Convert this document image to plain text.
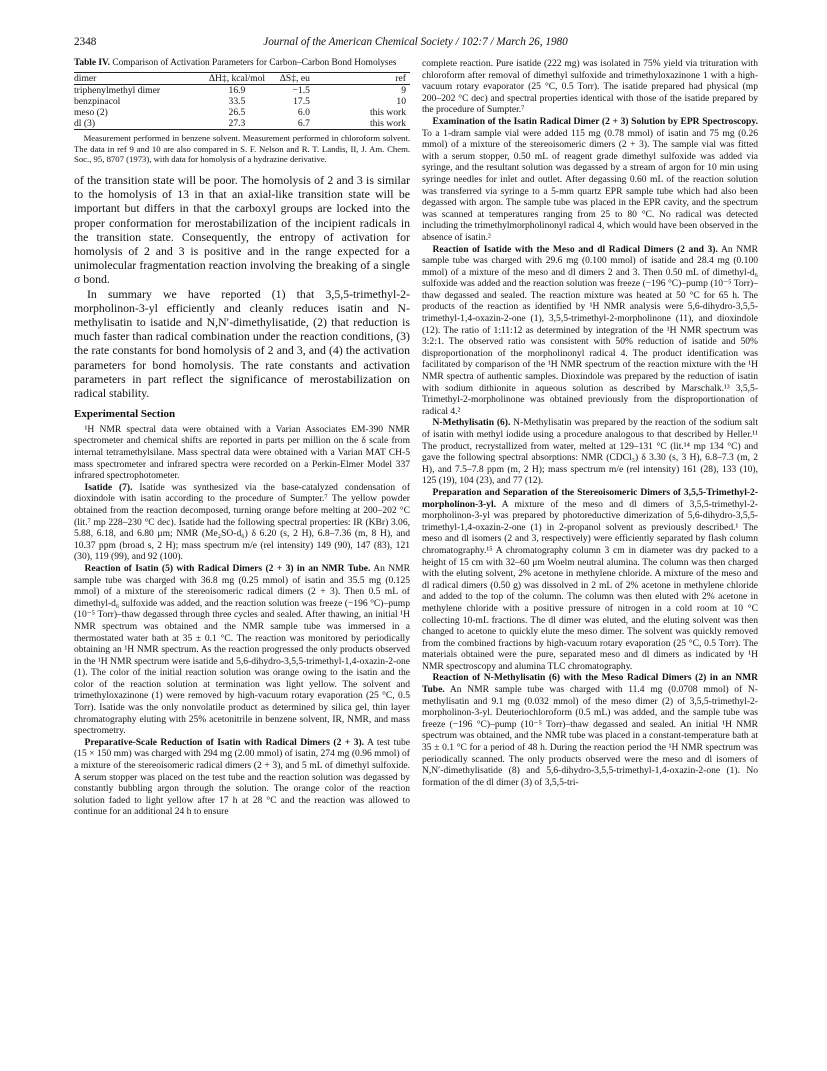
2348	Journal of the American Chemical Society / 102:7 / March 26, 1980
Table IV. Comparison of Activation Parameters for Carbon–Carbon Bond Homolyses
dimer	ΔH‡, kcal/mol	ΔS‡, eu	ref
triphenylmethyl dimer	16.9	−1.5	9
benzpinacol	33.5	17.5	10
meso (2)	26.5	6.0	this work
dl (3)	27.3	6.7	this work
Measurement performed in benzene solvent. Measurement performed in chloroform solvent. The data in ref 9 and 10 are also compared in S. F. Nelson and R. T. Landis, II, J. Am. Chem. Soc., 95, 8707 (1973), with data for homolysis of a hydrazine derivative.

of the transition state will be poor. The homolysis of 2 and 3 is similar to the homolysis of 13 in that an axial-like transition state will be important but differs in that the carboxyl groups are locked into the proper conformation for merostabilization of the incipient radicals in the transition state. Consequently, the entropy of activation for homolysis of 2 and 3 is positive and in the range expected for a unimolecular fragmentation reaction involving the breaking of a single σ bond.

In summary we have reported (1) that 3,5,5-trimethyl-2-morpholinon-3-yl efficiently and cleanly reduces isatin and N-methylisatin to isatide and N,N′-dimethylisatide, (2) that reduction is much faster than radical combination under the reaction conditions, (3) the rate constants for bond homolysis of 2 and 3, and (4) the activation parameters for bond homolysis. The rate constants and activation parameters in part reflect the significance of merostabilization on radical stability.

Experimental Section

¹H NMR spectral data were obtained with a Varian Associates EM-390 NMR spectrometer and chemical shifts are reported in parts per million on the δ scale from internal tetramethylsilane. Mass spectral data were obtained with a Varian MAT CH-5 mass spectrometer and infrared spectra were recorded on a Perkin-Elmer Model 337 infrared spectrophotometer.

Isatide (7). Isatide was synthesized via the base-catalyzed condensation of dioxindole with isatin according to the procedure of Sumpter.⁷ The yellow powder obtained from the reaction decomposed, turning orange before melting at 200–202 °C (lit.⁷ mp 228–230 °C dec). Isatide had the following spectral properties: IR (KBr) 3.06, 5.88, 6.18, and 6.80 μm; NMR (Me₂SO-d₆) δ 6.20 (s, 2 H), 6.8–7.36 (m, 8 H), and 10.37 ppm (broad s, 2 H); mass spectrum m/e (rel intensity) 149 (90), 147 (83), 121 (30), 119 (99), and 92 (100).

Reaction of Isatin (5) with Radical Dimers (2 + 3) in an NMR Tube. An NMR sample tube was charged with 36.8 mg (0.25 mmol) of isatin and 35.5 mg (0.125 mmol) of a mixture of the stereoisomeric radical dimers (2 + 3). Then 0.5 mL of dimethyl-d₆ sulfoxide was added, and the reaction solution was freeze (−196 °C)–pump (10⁻⁵ Torr)–thaw degassed through three cycles and sealed. After thawing, an initial ¹H NMR spectrum was obtained and the NMR sample tube was immersed in a thermostated water bath at 35 ± 0.1 °C. The reaction was monitored by periodically obtaining an ¹H NMR spectrum. As the reaction progressed the only products observed in the ¹H NMR spectrum were isatide and 5,6-dihydro-3,5,5-trimethyl-1,4-oxazin-2-one (1). The color of the initial reaction solution was orange owing to the isatin and the color of the reaction solution at termination was light yellow. The solvent and trimethyloxazinone (1) were removed by high-vacuum rotary evaporation (25 °C, 0.5 Torr). Isatide was the only nonvolatile product as determined by silica gel, thin layer chromatography eluting with 25% acetonitrile in benzene solvent, IR, NMR, and mass spectrometry.

Preparative-Scale Reduction of Isatin with Radical Dimers (2 + 3). A test tube (15 × 150 mm) was charged with 294 mg (2.00 mmol) of isatin, 274 mg (0.96 mmol) of a mixture of the stereoisomeric radical dimers (2 + 3), and 5 mL of dimethyl sulfoxide. A serum stopper was placed on the test tube and the reaction solution was degassed by constantly bubbling argon through the solution. The orange color of the reaction solution faded to light yellow after 17 h at 28 °C and the reaction was allowed to continue for an additional 24 h to ensure

complete reaction. Pure isatide (222 mg) was isolated in 75% yield via trituration with chloroform after removal of dimethyl sulfoxide and trimethyloxazinone 1 with a high-vacuum rotary evaporator (25 °C, 0.5 Torr). The isatide prepared had physical (mp 200–202 °C dec) and spectral properties identical with those of the isatide prepared by the procedure of Sumpter.⁷

Examination of the Isatin Radical Dimer (2 + 3) Solution by EPR Spectroscopy. To a 1-dram sample vial were added 115 mg (0.78 mmol) of isatin and 75 mg (0.26 mmol) of a mixture of the stereoisomeric dimers (2 + 3). The sample vial was fitted with a serum stopper, 0.50 mL of reagent grade dimethyl sulfoxide was added via syringe, and the resultant solution was degassed by a stream of argon for 10 min using syringe needles for inlet and outlet. After degassing 0.60 mL of the reaction solution was transferred via syringe to a 5-mm quartz EPR sample tube which had also been degassed with argon. The sample tube was placed in the EPR cavity, and the spectrum was scanned at temperatures ranging from 25 to 80 °C. No radical was detected including the trimethylmorpholinonyl radical 4, which would have been observed in the absence of isatin.²

Reaction of Isatide with the Meso and dl Radical Dimers (2 and 3). An NMR sample tube was charged with 29.6 mg (0.100 mmol) of isatide and 28.4 mg (0.100 mmol) of a mixture of the meso and dl dimers 2 and 3. Then 0.50 mL of dimethyl-d₆ sulfoxide was added and the reaction solution was freeze (−196 °C)–pump (10⁻⁵ Torr)–thaw degassed and sealed. The reaction mixture was heated at 50 °C for 65 h. The products of the reaction as identified by ¹H NMR analysis were 5,6-dihydro-3,5,5-trimethyl-1,4-oxazin-2-one (1), 3,5,5-trimethyl-2-morpholinone (11), and dioxindole (12). The ratio of 1:11:12 as determined by integration of the ¹H NMR spectrum was 3:2:1. The observed ratio was consistent with 50% reduction of isatide and 50% disproportionation of the morpholinonyl radical 4. The product identification was facilitated by comparison of the ¹H NMR spectrum of the reaction mixture with the ¹H NMR spectra of authentic samples. Dioxindole was prepared by the reduction of isatin with sodium dithionite in aqueous solution as described by Marschalk.¹³ 3,5,5-Trimethyl-2-morpholinone was obtained previously from the disproportionation of radical 4.²

N-Methylisatin (6). N-Methylisatin was prepared by the reaction of the sodium salt of isatin with methyl iodide using a procedure analogous to that described by Heller.¹¹ The product, recrystallized from water, melted at 129–131 °C (lit.¹⁴ mp 134 °C) and gave the following spectral absorptions: NMR (CDCl₃) δ 3.30 (s, 3 H), 6.8–7.3 (m, 2 H), and 7.5–7.8 ppm (m, 2 H); mass spectrum m/e (rel intensity) 161 (28), 133 (10), 125 (19), 104 (23), and 77 (12).

Preparation and Separation of the Stereoisomeric Dimers of 3,5,5-Trimethyl-2-morpholinon-3-yl. A mixture of the meso and dl dimers of 3,5,5-trimethyl-2-morpholinon-3-yl was prepared by photoreductive dimerization of 5,6-dihydro-3,5,5-trimethyl-1,4-oxazin-2-one (1) in 2-propanol solvent as previously described.¹ The meso and dl isomers (2 and 3, respectively) were efficiently separated by flash column chromatography.¹⁵ A chromatography column 3 cm in diameter was dry packed to a height of 15 cm with 32–60 μm Woelm neutral alumina. The column was then charged with the eluting solvent, 2% acetone in methylene chloride. A mixture of the meso and dl radical dimers (0.50 g) was dissolved in 2 mL of 2% acetone in methylene chloride and added to the top of the column. The column was then eluted with 2% acetone in methylene chloride with a positive pressure of nitrogen in a cold room at 10 °C collecting 10-mL fractions. The dl dimer was eluted, and the eluting solvent was then changed to acetone to quickly elute the meso dimer. The solvent was quickly removed from the combined fractions by high-vacuum rotary evaporation (25 °C, 0.5 Torr). The materials obtained were the pure, separated meso and dl dimers as indicated by ¹H NMR spectroscopy and alumina TLC chromatography.

Reaction of N-Methylisatin (6) with the Meso Radical Dimers (2) in an NMR Tube. An NMR sample tube was charged with 11.4 mg (0.0708 mmol) of N-methylisatin and 9.1 mg (0.032 mmol) of the meso dimer (2) of 3,5,5-trimethyl-2-morpholinon-3-yl. Deuteriochloroform (0.5 mL) was added, and the sample tube was freeze (−196 °C)–pump (10⁻⁵ Torr)–thaw degassed and sealed. An initial ¹H NMR spectrum was obtained, and the NMR tube was placed in a constant-temperature bath at 35 ± 0.1 °C for a period of 48 h. During the reaction period the ¹H NMR spectrum was periodically scanned. The only products observed were the meso and dl isomers of N,N′-dimethylisatide (8) and 5,6-dihydro-3,5,5-trimethyl-1,4-oxazin-2-one (1). No formation of the dl dimer (3) of 3,5,5-tri-
